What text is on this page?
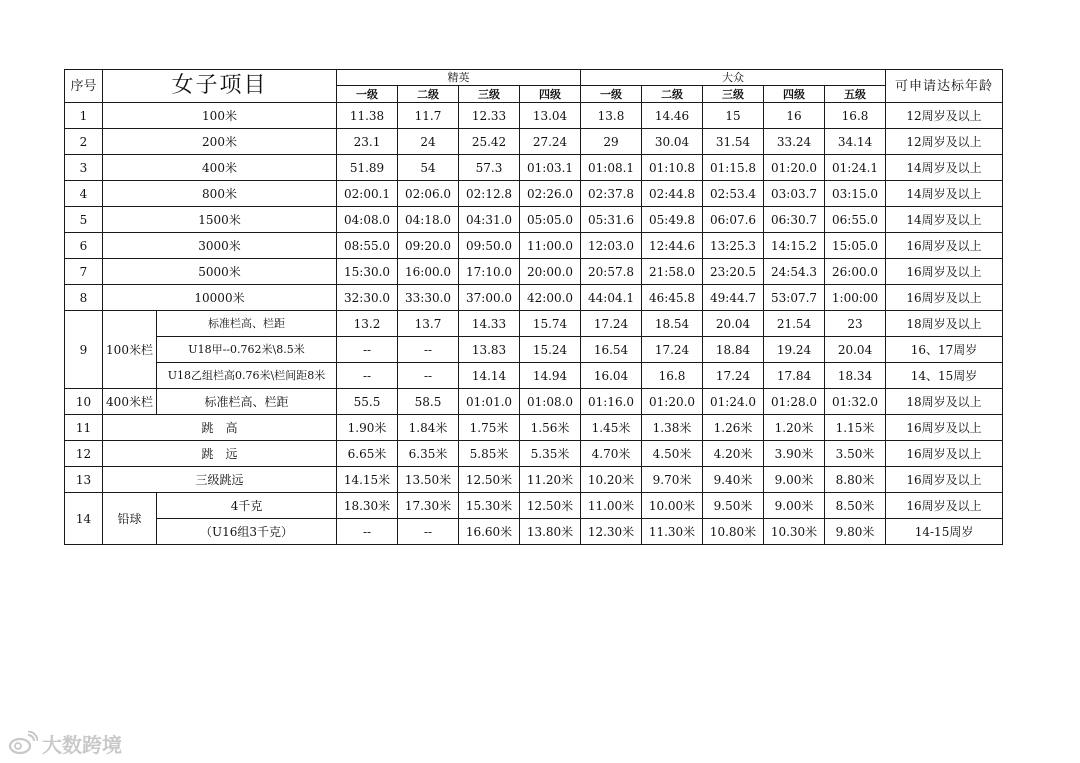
序号	女子项目		精英				大众					可申请达标年龄
			一级	二级	三级	四级	一级	二级	三级	四级	五级	
1	100米		11.38	11.7	12.33	13.04	13.8	14.46	15	16	16.8	12周岁及以上
2	200米		23.1	24	25.42	27.24	29	30.04	31.54	33.24	34.14	12周岁及以上
3	400米		51.89	54	57.3	01:03.1	01:08.1	01:10.8	01:15.8	01:20.0	01:24.1	14周岁及以上
4	800米		02:00.1	02:06.0	02:12.8	02:26.0	02:37.8	02:44.8	02:53.4	03:03.7	03:15.0	14周岁及以上
5	1500米		04:08.0	04:18.0	04:31.0	05:05.0	05:31.6	05:49.8	06:07.6	06:30.7	06:55.0	14周岁及以上
6	3000米		08:55.0	09:20.0	09:50.0	11:00.0	12:03.0	12:44.6	13:25.3	14:15.2	15:05.0	16周岁及以上
7	5000米		15:30.0	16:00.0	17:10.0	20:00.0	20:57.8	21:58.0	23:20.5	24:54.3	26:00.0	16周岁及以上
8	10000米		32:30.0	33:30.0	37:00.0	42:00.0	44:04.1	46:45.8	49:44.7	53:07.7	1:00:00	16周岁及以上
9	100米栏	标准栏高、栏距	13.2	13.7	14.33	15.74	17.24	18.54	20.04	21.54	23	18周岁及以上
		U18甲--0.762米\8.5米	--	--	13.83	15.24	16.54	17.24	18.84	19.24	20.04	16、17周岁
		U18乙组栏高0.76米\栏间距8米	--	--	14.14	14.94	16.04	16.8	17.24	17.84	18.34	14、15周岁
10	400米栏	标准栏高、栏距	55.5	58.5	01:01.0	01:08.0	01:16.0	01:20.0	01:24.0	01:28.0	01:32.0	18周岁及以上
11	跳　高		1.90米	1.84米	1.75米	1.56米	1.45米	1.38米	1.26米	1.20米	1.15米	16周岁及以上
12	跳　远		6.65米	6.35米	5.85米	5.35米	4.70米	4.50米	4.20米	3.90米	3.50米	16周岁及以上
13	三级跳远		14.15米	13.50米	12.50米	11.20米	10.20米	9.70米	9.40米	9.00米	8.80米	16周岁及以上
14	铅球	4千克	18.30米	17.30米	15.30米	12.50米	11.00米	10.00米	9.50米	9.00米	8.50米	16周岁及以上
		（U16组3千克）	--	--	16.60米	13.80米	12.30米	11.30米	10.80米	10.30米	9.80米	14-15周岁
大数跨境
